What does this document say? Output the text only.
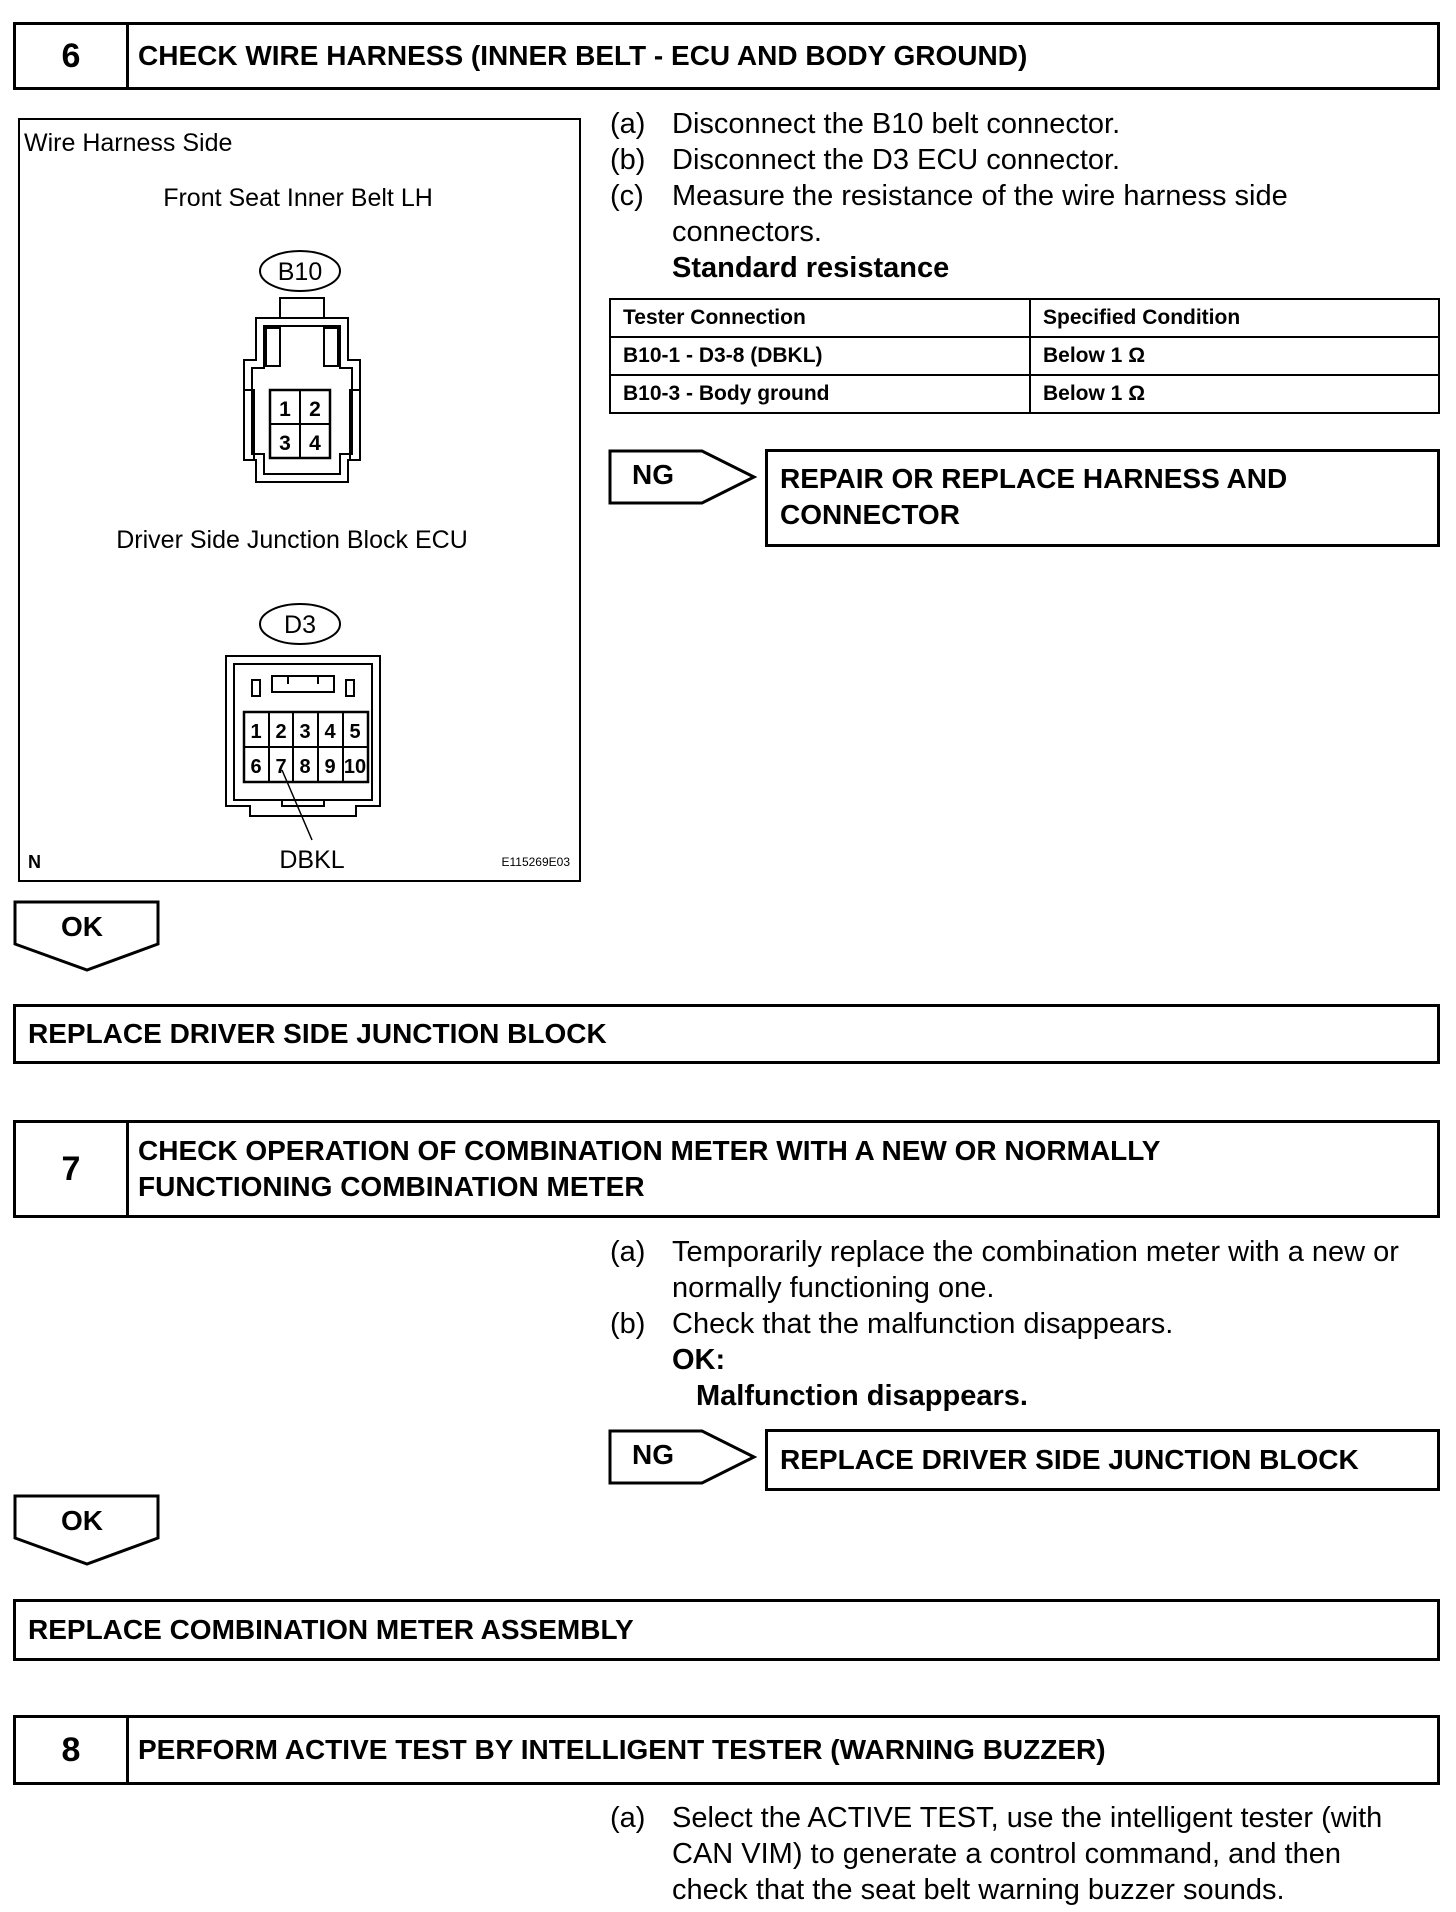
6	CHECK WIRE HARNESS (INNER BELT - ECU AND BODY GROUND)
Wire Harness Side
Front Seat Inner Belt LH
B10
1 2
3 4
Driver Side Junction Block ECU
D3
1 2 3 4 5
6 7 8 9 10
DBKL
N	E115269E03
(a) Disconnect the B10 belt connector.
(b) Disconnect the D3 ECU connector.
(c) Measure the resistance of the wire harness side
connectors.
Standard resistance
Tester Connection	Specified Condition
B10-1 - D3-8 (DBKL)	Below 1 Ω
B10-3 - Body ground	Below 1 Ω
NG	REPAIR OR REPLACE HARNESS AND
CONNECTOR
OK
REPLACE DRIVER SIDE JUNCTION BLOCK
7	CHECK OPERATION OF COMBINATION METER WITH A NEW OR NORMALLY
FUNCTIONING COMBINATION METER
(a) Temporarily replace the combination meter with a new or
normally functioning one.
(b) Check that the malfunction disappears.
OK:
Malfunction disappears.
NG	REPLACE DRIVER SIDE JUNCTION BLOCK
OK
REPLACE COMBINATION METER ASSEMBLY
8	PERFORM ACTIVE TEST BY INTELLIGENT TESTER (WARNING BUZZER)
(a) Select the ACTIVE TEST, use the intelligent tester (with
CAN VIM) to generate a control command, and then
check that the seat belt warning buzzer sounds.
